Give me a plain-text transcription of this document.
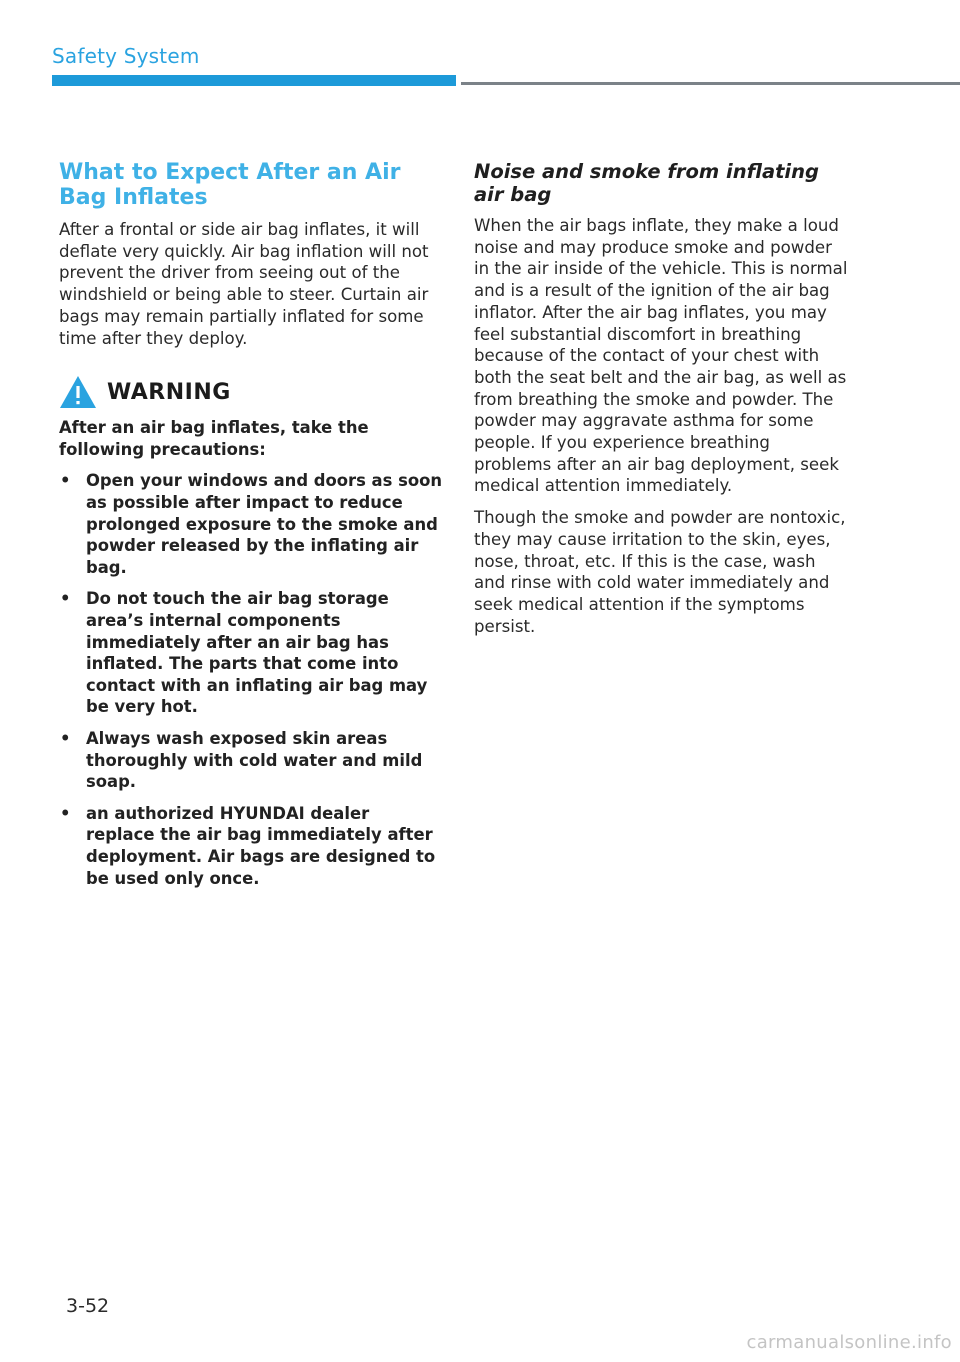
Safety System
What to Expect After an Air Bag Inflates

After a frontal or side air bag inflates, it will deflate very quickly. Air bag inflation will not prevent the driver from seeing out of the windshield or being able to steer. Curtain air bags may remain partially inflated for some time after they deploy.

WARNING

After an air bag inflates, take the following precautions:

• Open your windows and doors as soon as possible after impact to reduce prolonged exposure to the smoke and powder released by the inflating air bag.
• Do not touch the air bag storage area’s internal components immediately after an air bag has inflated. The parts that come into contact with an inflating air bag may be very hot.
• Always wash exposed skin areas thoroughly with cold water and mild soap.
• an authorized HYUNDAI dealer replace the air bag immediately after deployment. Air bags are designed to be used only once.
Noise and smoke from inflating air bag

When the air bags inflate, they make a loud noise and may produce smoke and powder in the air inside of the vehicle. This is normal and is a result of the ignition of the air bag inflator. After the air bag inflates, you may feel substantial discomfort in breathing because of the contact of your chest with both the seat belt and the air bag, as well as from breathing the smoke and powder. The powder may aggravate asthma for some people. If you experience breathing problems after an air bag deployment, seek medical attention immediately.

Though the smoke and powder are nontoxic, they may cause irritation to the skin, eyes, nose, throat, etc. If this is the case, wash and rinse with cold water immediately and seek medical attention if the symptoms persist.

3-52
carmanualsonline.info
